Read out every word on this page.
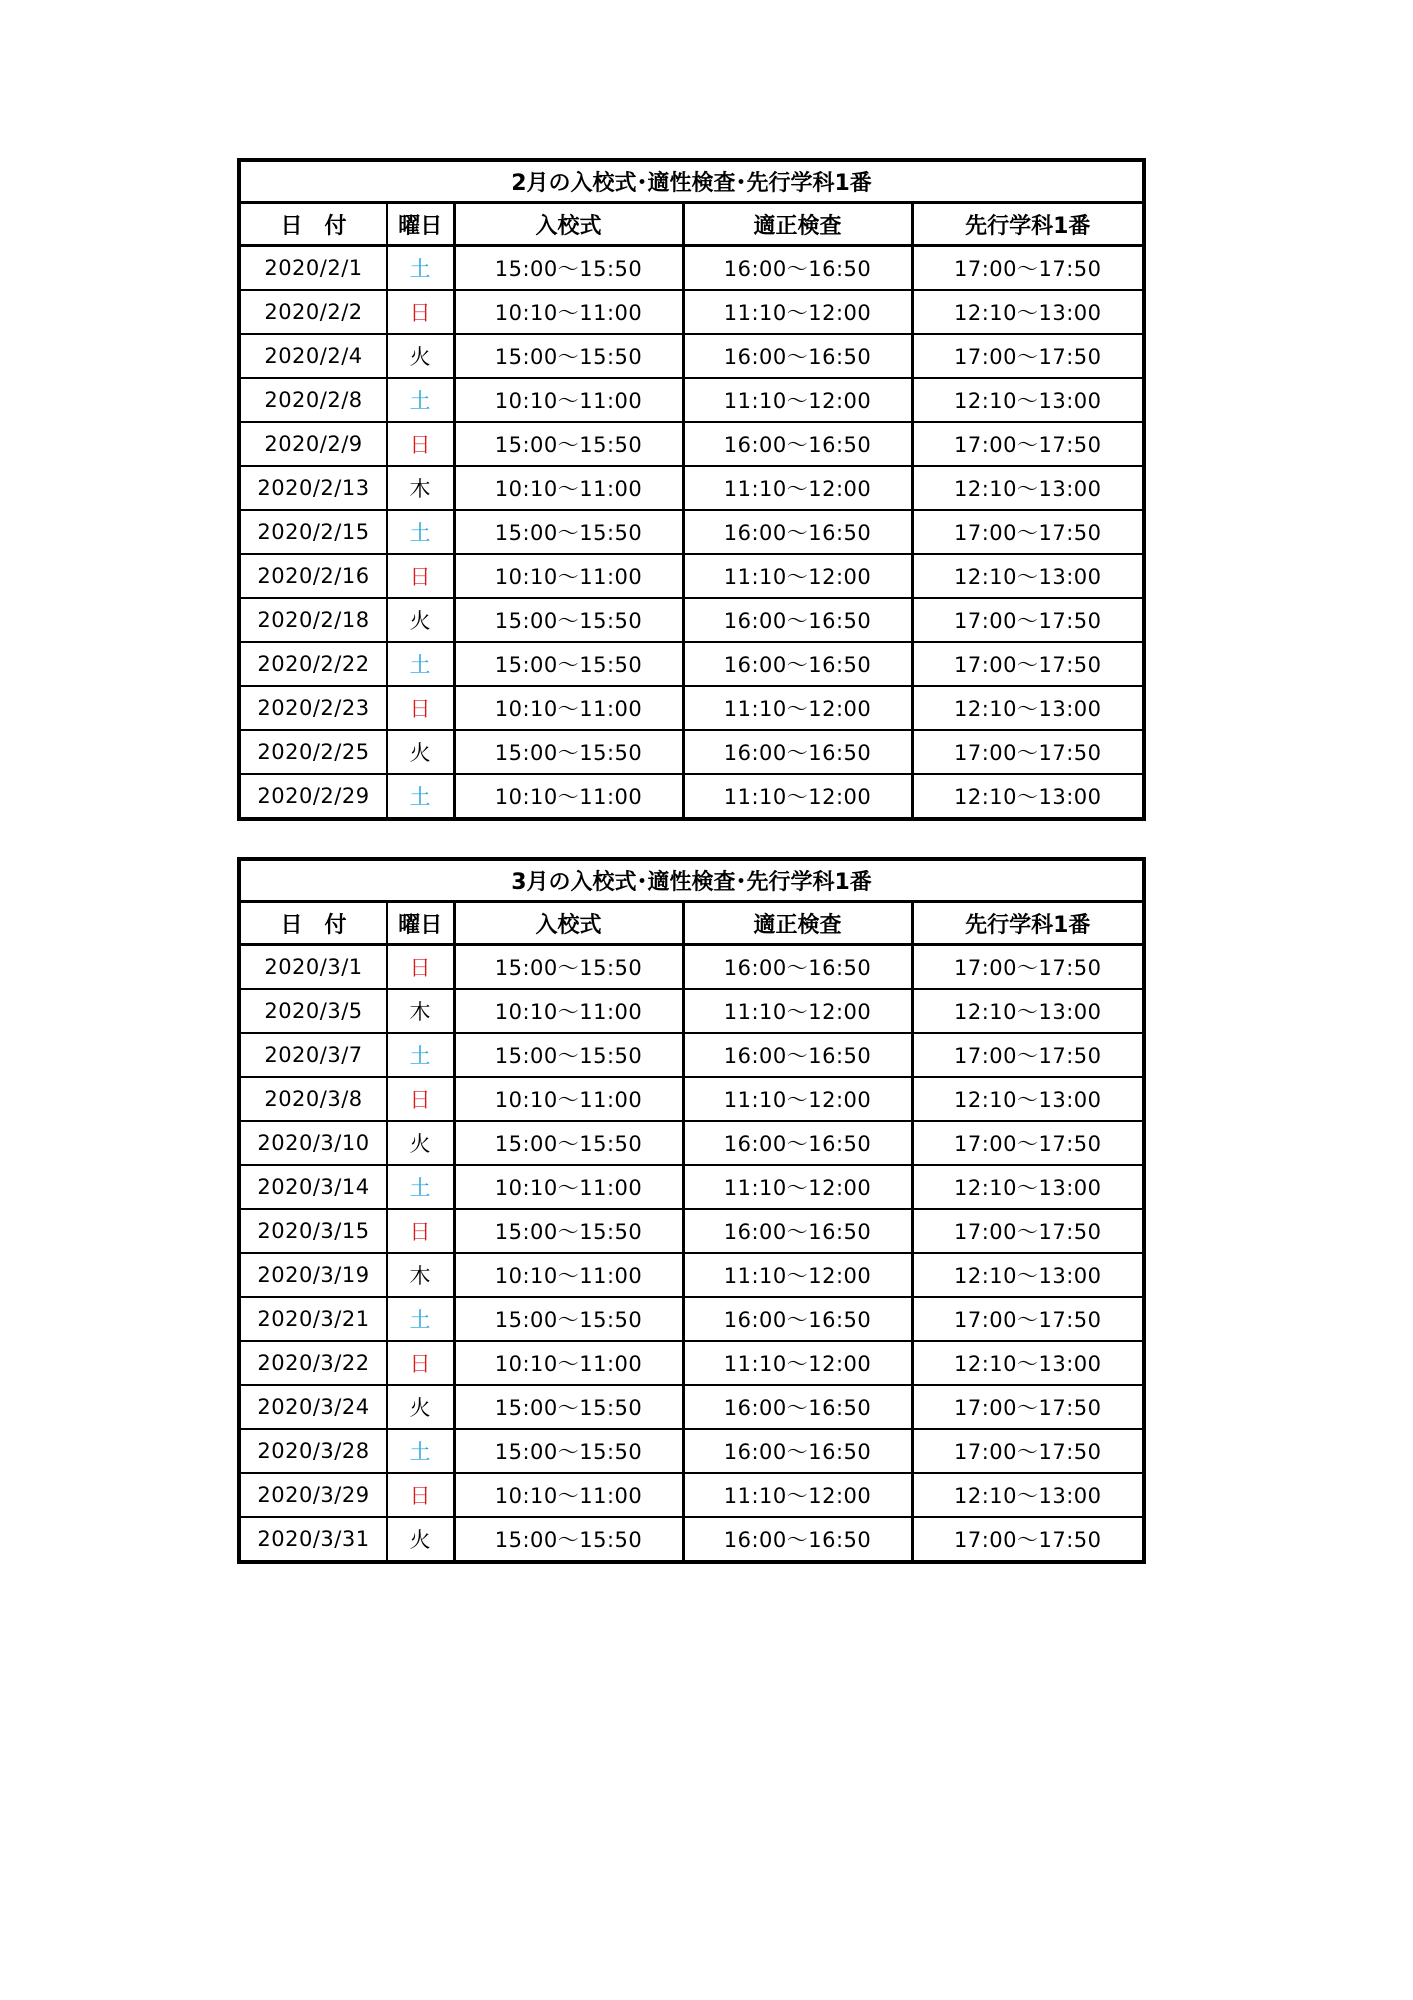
2月の入校式･適性検査･先行学科1番				
日　付	曜日	入校式	適正検査	先行学科1番
2020/2/1	土	15:00～15:50	16:00～16:50	17:00～17:50
2020/2/2	日	10:10～11:00	11:10～12:00	12:10～13:00
2020/2/4	火	15:00～15:50	16:00～16:50	17:00～17:50
2020/2/8	土	10:10～11:00	11:10～12:00	12:10～13:00
2020/2/9	日	15:00～15:50	16:00～16:50	17:00～17:50
2020/2/13	木	10:10～11:00	11:10～12:00	12:10～13:00
2020/2/15	土	15:00～15:50	16:00～16:50	17:00～17:50
2020/2/16	日	10:10～11:00	11:10～12:00	12:10～13:00
2020/2/18	火	15:00～15:50	16:00～16:50	17:00～17:50
2020/2/22	土	15:00～15:50	16:00～16:50	17:00～17:50
2020/2/23	日	10:10～11:00	11:10～12:00	12:10～13:00
2020/2/25	火	15:00～15:50	16:00～16:50	17:00～17:50
2020/2/29	土	10:10～11:00	11:10～12:00	12:10～13:00
3月の入校式･適性検査･先行学科1番				
日　付	曜日	入校式	適正検査	先行学科1番
2020/3/1	日	15:00～15:50	16:00～16:50	17:00～17:50
2020/3/5	木	10:10～11:00	11:10～12:00	12:10～13:00
2020/3/7	土	15:00～15:50	16:00～16:50	17:00～17:50
2020/3/8	日	10:10～11:00	11:10～12:00	12:10～13:00
2020/3/10	火	15:00～15:50	16:00～16:50	17:00～17:50
2020/3/14	土	10:10～11:00	11:10～12:00	12:10～13:00
2020/3/15	日	15:00～15:50	16:00～16:50	17:00～17:50
2020/3/19	木	10:10～11:00	11:10～12:00	12:10～13:00
2020/3/21	土	15:00～15:50	16:00～16:50	17:00～17:50
2020/3/22	日	10:10～11:00	11:10～12:00	12:10～13:00
2020/3/24	火	15:00～15:50	16:00～16:50	17:00～17:50
2020/3/28	土	15:00～15:50	16:00～16:50	17:00～17:50
2020/3/29	日	10:10～11:00	11:10～12:00	12:10～13:00
2020/3/31	火	15:00～15:50	16:00～16:50	17:00～17:50
